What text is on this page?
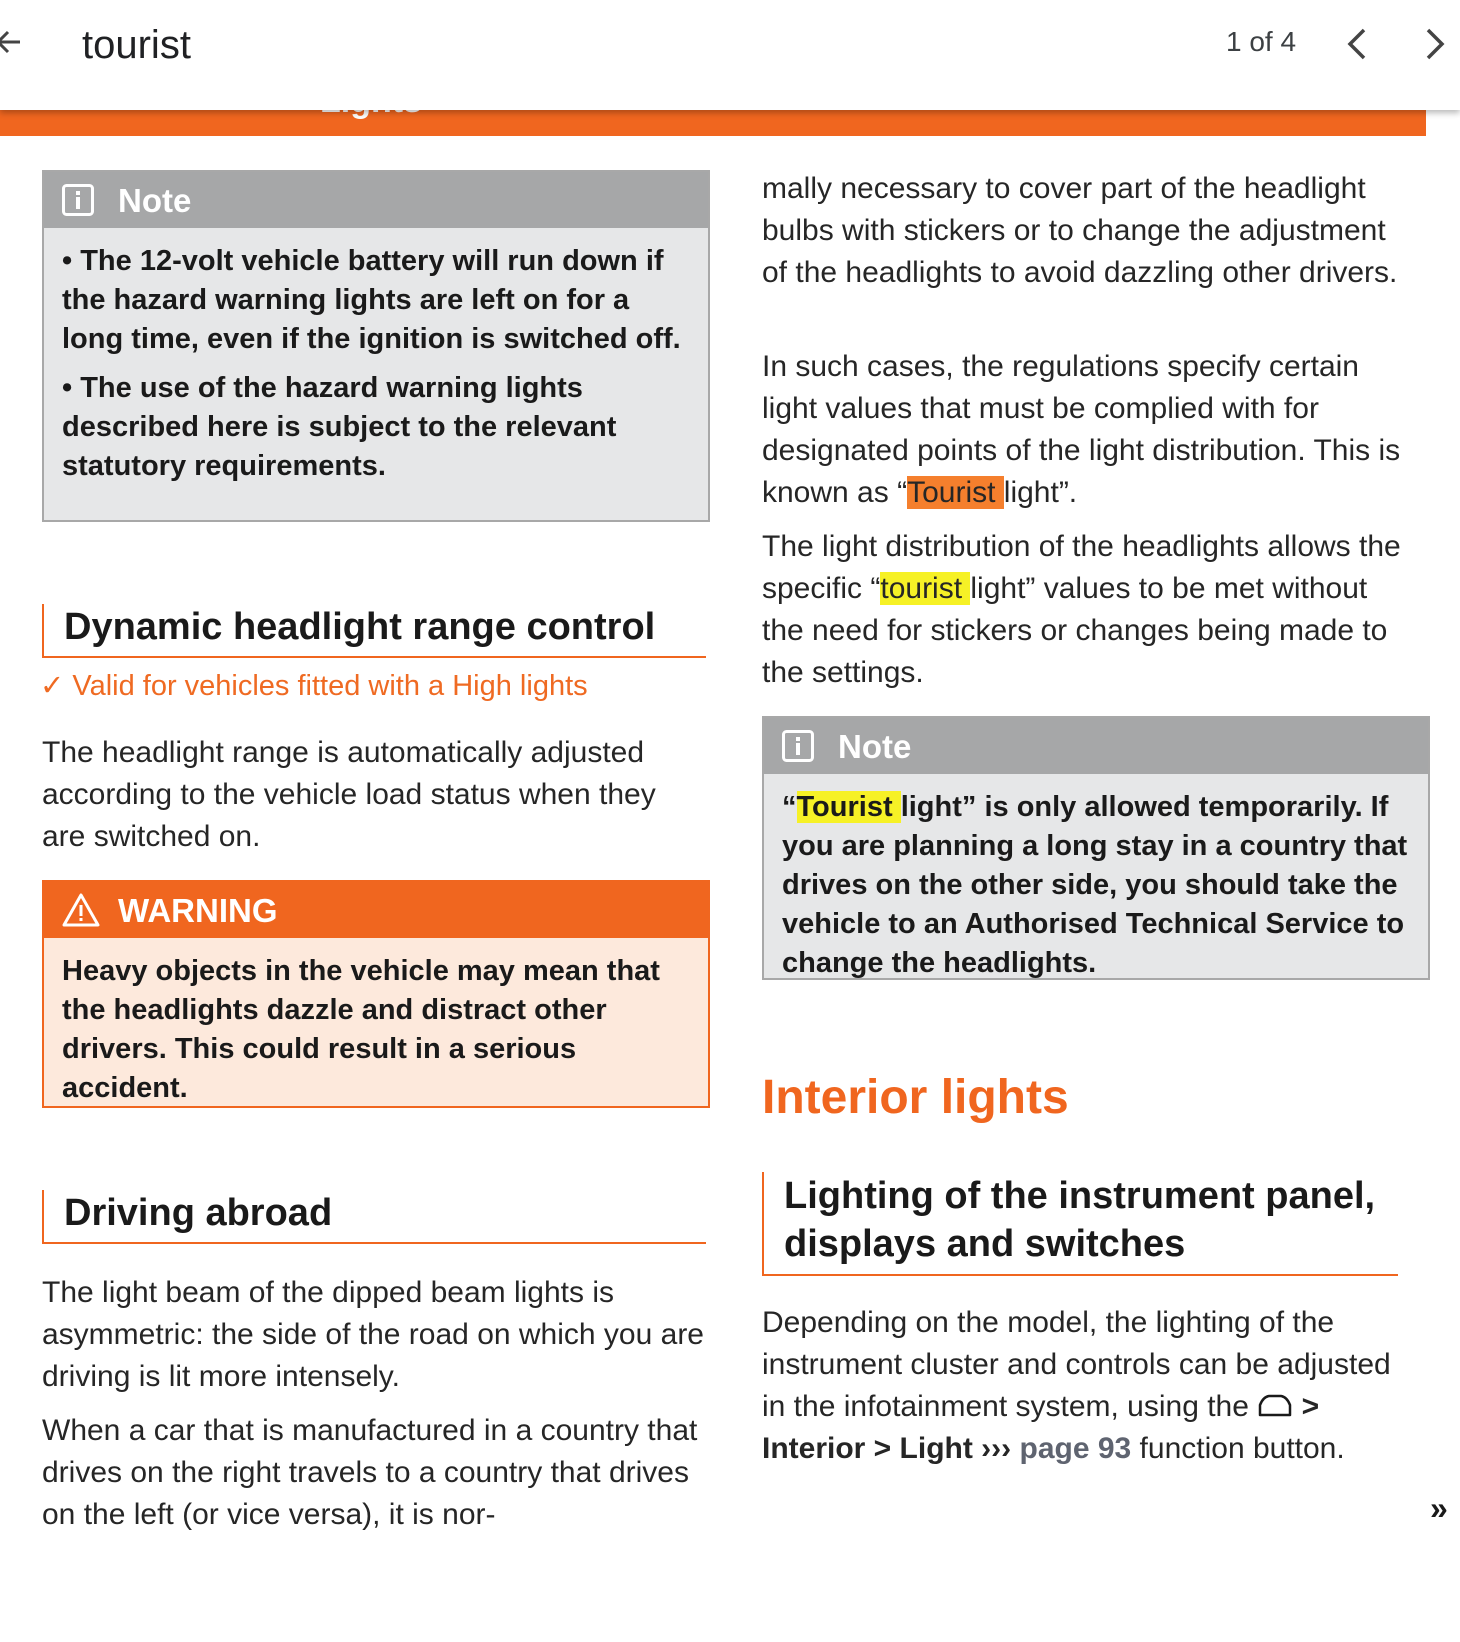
tourist
1 of 4
Note
• The 12-volt vehicle battery will run down if the hazard warning lights are left on for a long time, even if the ignition is switched off.
• The use of the hazard warning lights described here is subject to the relevant statutory requirements.
Dynamic headlight range control
✓ Valid for vehicles fitted with a High lights

The headlight range is automatically adjusted according to the vehicle load status when they are switched on.

WARNING
Heavy objects in the vehicle may mean that the headlights dazzle and distract other drivers. This could result in a serious accident.
Driving abroad

The light beam of the dipped beam lights is asymmetric: the side of the road on which you are driving is lit more intensely.

When a car that is manufactured in a country that drives on the right travels to a country that drives on the left (or vice versa), it is nor-

mally necessary to cover part of the headlight bulbs with stickers or to change the adjustment of the headlights to avoid dazzling other drivers.

In such cases, the regulations specify certain light values that must be complied with for designated points of the light distribution. This is known as “Tourist light”.

The light distribution of the headlights allows the specific “tourist light” values to be met without the need for stickers or changes being made to the settings.

Note
“Tourist light” is only allowed temporarily. If you are planning a long stay in a country that drives on the other side, you should take the vehicle to an Authorised Technical Service to change the headlights.
Interior lights
Lighting of the instrument panel, displays and switches

Depending on the model, the lighting of the instrument cluster and controls can be adjusted in the infotainment system, using the  > Interior > Light ››› page 93 function button.

»
